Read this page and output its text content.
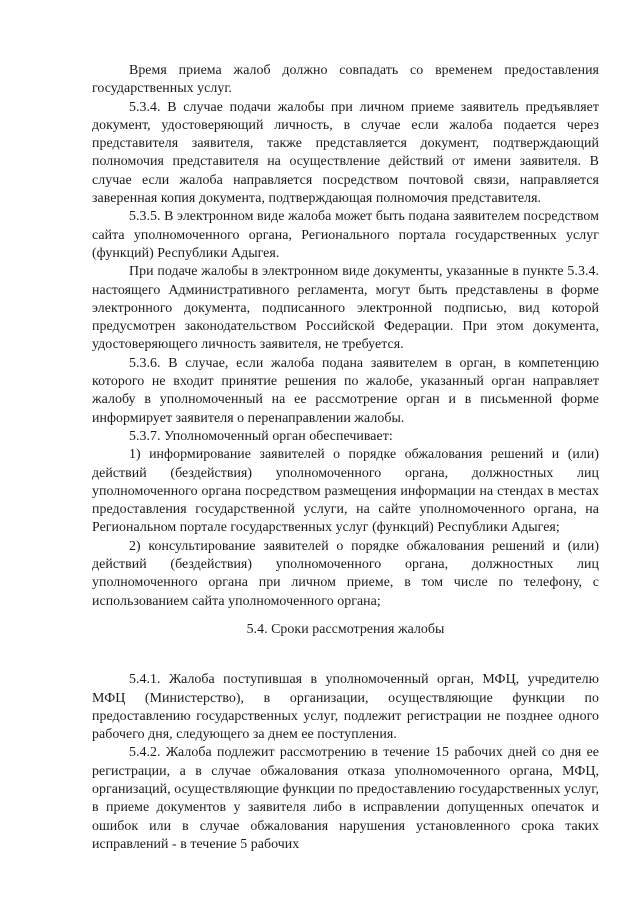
Время приема жалоб должно совпадать со временем предоставления государственных услуг.

5.3.4. В случае подачи жалобы при личном приеме заявитель предъявляет документ, удостоверяющий личность, в случае если жалоба подается через представителя заявителя, также представляется документ, подтверждающий полномочия представителя на осуществление действий от имени заявителя. В случае если жалоба направляется посредством почтовой связи, направляется заверенная копия документа, подтверждающая полномочия представителя.

5.3.5. В электронном виде жалоба может быть подана заявителем посредством сайта уполномоченного органа, Регионального портала государственных услуг (функций) Республики Адыгея.

При подаче жалобы в электронном виде документы, указанные в пункте 5.3.4. настоящего Административного регламента, могут быть представлены в форме электронного документа, подписанного электронной подписью, вид которой предусмотрен законодательством Российской Федерации. При этом документа, удостоверяющего личность заявителя, не требуется.

5.3.6. В случае, если жалоба подана заявителем в орган, в компетенцию которого не входит принятие решения по жалобе, указанный орган направляет жалобу в уполномоченный на ее рассмотрение орган и в письменной форме информирует заявителя о перенаправлении жалобы.

5.3.7. Уполномоченный орган обеспечивает:

1) информирование заявителей о порядке обжалования решений и (или) действий (бездействия) уполномоченного органа, должностных лиц уполномоченного органа посредством размещения информации на стендах в местах предоставления государственной услуги, на сайте уполномоченного органа, на Региональном портале государственных услуг (функций) Республики Адыгея;

2) консультирование заявителей о порядке обжалования решений и (или) действий (бездействия) уполномоченного органа, должностных лиц уполномоченного органа при личном приеме, в том числе по телефону, с использованием сайта уполномоченного органа;

5.4. Сроки рассмотрения жалобы

5.4.1. Жалоба поступившая в уполномоченный орган, МФЦ, учредителю МФЦ (Министерство), в организации, осуществляющие функции по предоставлению государственных услуг, подлежит регистрации не позднее одного рабочего дня, следующего за днем ее поступления.

5.4.2. Жалоба подлежит рассмотрению в течение 15 рабочих дней со дня ее регистрации, а в случае обжалования отказа уполномоченного органа, МФЦ, организаций, осуществляющие функции по предоставлению государственных услуг, в приеме документов у заявителя либо в исправлении допущенных опечаток и ошибок или в случае обжалования нарушения установленного срока таких исправлений - в течение 5 рабочих
